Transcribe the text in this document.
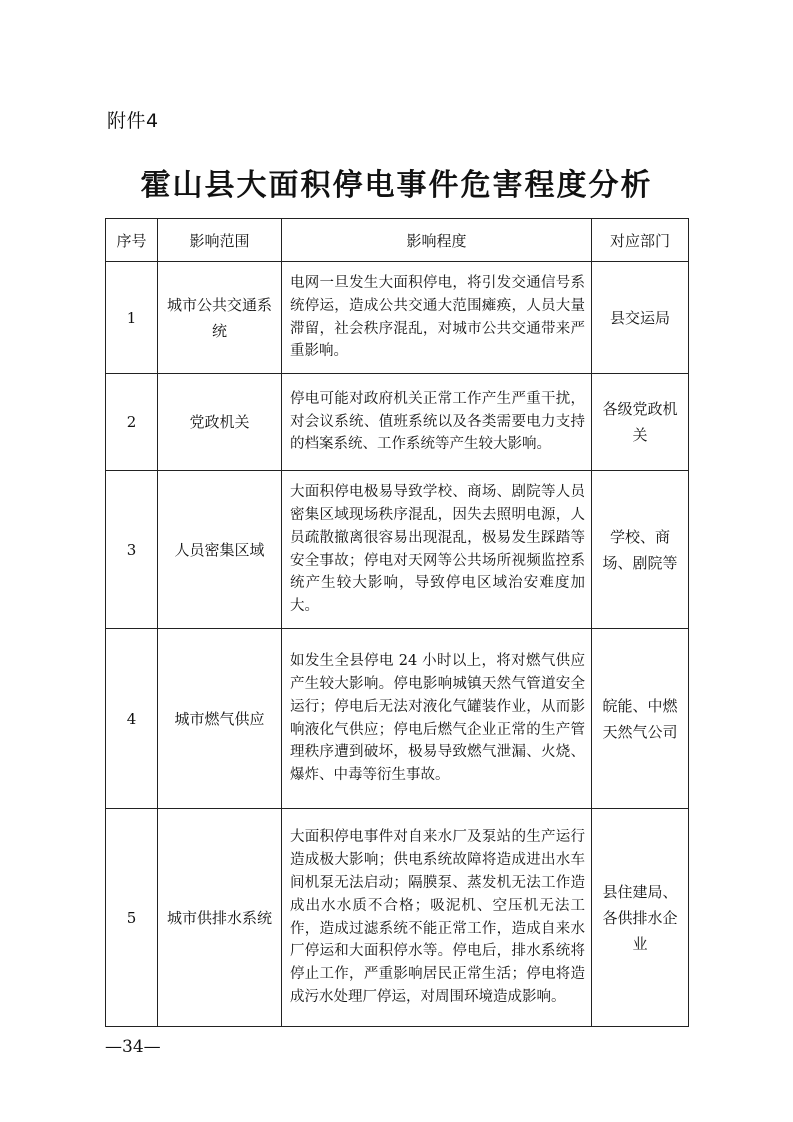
附件4
霍山县大面积停电事件危害程度分析
序号	影响范围	影响程度	对应部门
1	城市公共交通系统	电网一旦发生大面积停电，将引发交通信号系统停运，造成公共交通大范围瘫痪，人员大量滞留，社会秩序混乱，对城市公共交通带来严重影响。	县交运局
2	党政机关	停电可能对政府机关正常工作产生严重干扰，对会议系统、值班系统以及各类需要电力支持的档案系统、工作系统等产生较大影响。	各级党政机关
3	人员密集区域	大面积停电极易导致学校、商场、剧院等人员密集区域现场秩序混乱，因失去照明电源，人员疏散撤离很容易出现混乱，极易发生踩踏等安全事故；停电对天网等公共场所视频监控系统产生较大影响，导致停电区域治安难度加大。	学校、商场、剧院等
4	城市燃气供应	如发生全县停电 24 小时以上，将对燃气供应产生较大影响。停电影响城镇天然气管道安全运行；停电后无法对液化气罐装作业，从而影响液化气供应；停电后燃气企业正常的生产管理秩序遭到破坏，极易导致燃气泄漏、火烧、爆炸、中毒等衍生事故。	皖能、中燃天然气公司
5	城市供排水系统	大面积停电事件对自来水厂及泵站的生产运行造成极大影响；供电系统故障将造成进出水车间机泵无法启动；隔膜泵、蒸发机无法工作造成出水水质不合格；吸泥机、空压机无法工作，造成过滤系统不能正常工作，造成自来水厂停运和大面积停水等。停电后，排水系统将停止工作，严重影响居民正常生活；停电将造成污水处理厂停运，对周围环境造成影响。	县住建局、各供排水企业
—34—
